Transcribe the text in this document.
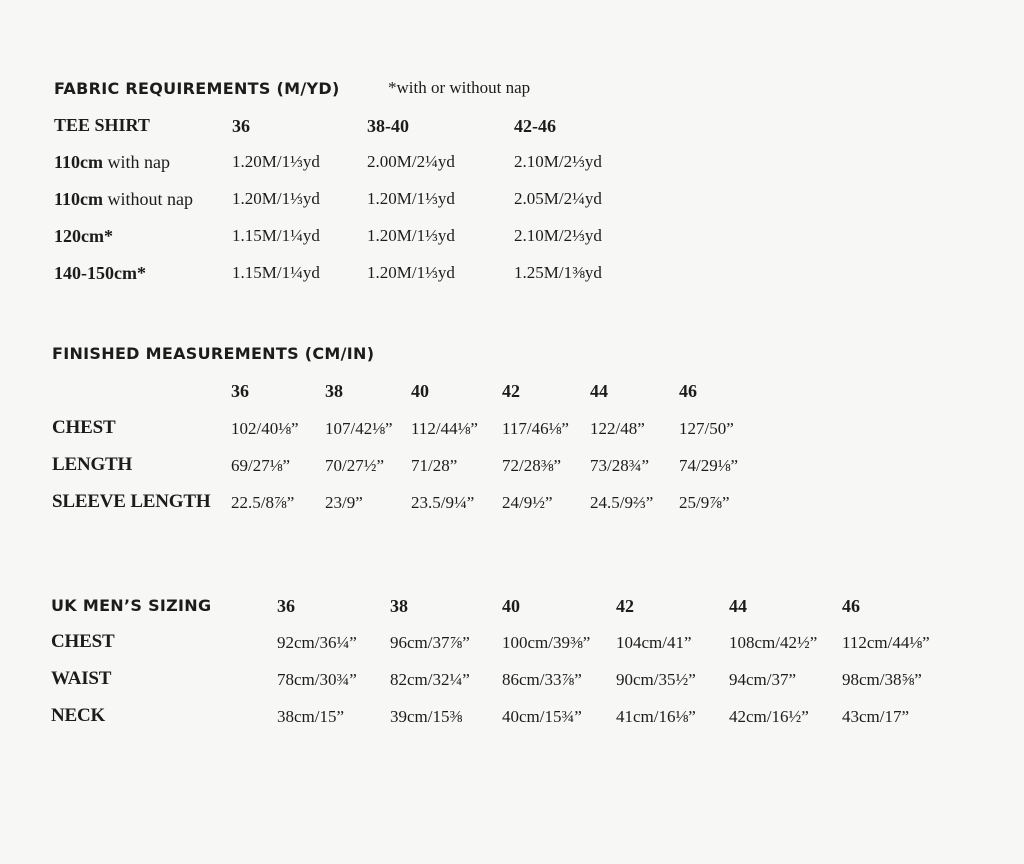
FABRIC REQUIREMENTS (M/YD)	*with or without nap
TEE SHIRT	36	38-40	42-46
110cm with nap	1.20M/1⅓yd	2.00M/2¼yd	2.10M/2⅓yd
110cm without nap 1.20M/1⅓yd	1.20M/1⅓yd	2.05M/2¼yd
120cm*	1.15M/1¼yd	1.20M/1⅓yd	2.10M/2⅓yd
140-150cm*	1.15M/1¼yd	1.20M/1⅓yd	1.25M/1⅜yd
FINISHED MEASUREMENTS (CM/IN)
36	38	40	42	44	46
CHEST	102/40⅛” 107/42⅛” 112/44⅛” 117/46⅛” 122/48” 127/50”
LENGTH	69/27⅛” 70/27½” 71/28”	72/28⅜” 73/28¾” 74/29⅛”
SLEEVE LENGTH 22.5/8⅞” 23/9”	23.5/9¼” 24/9½” 24.5/9⅔” 25/9⅞”
UK MEN’S SIZING	36	38	40	42	44	46
CHEST	92cm/36¼” 96cm/37⅞” 100cm/39⅜” 104cm/41” 108cm/42½” 112cm/44⅛”
WAIST	78cm/30¾” 82cm/32¼” 86cm/33⅞” 90cm/35½” 94cm/37”	98cm/38⅝”
NECK	38cm/15”	39cm/15⅜ 40cm/15¾” 41cm/16⅛” 42cm/16½” 43cm/17”
